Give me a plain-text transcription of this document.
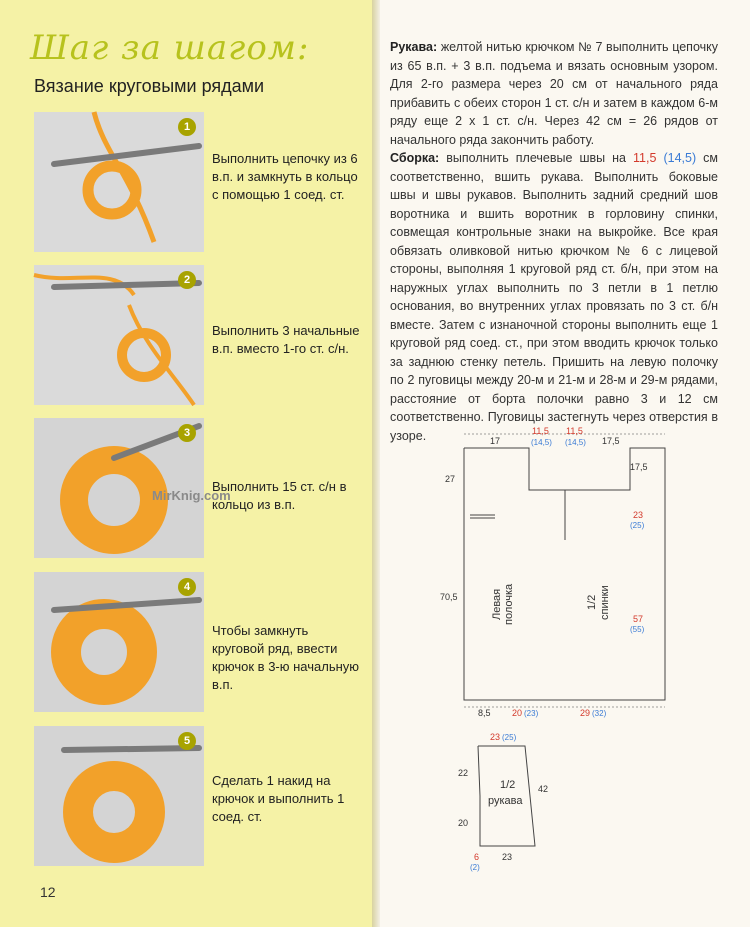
Шаг за шагом:
Вязание круговыми рядами
1
Выполнить цепочку из 6 в.п. и замкнуть в кольцо с помощью 1 соед. ст.
2
Выполнить 3 начальные в.п. вместо 1-го ст. с/н.
MirKnig.com
3
Выполнить 15 ст. с/н в кольцо из в.п.
4
Чтобы замкнуть круговой ряд, ввести крючок в 3-ю начальную в.п.
5
Сделать 1 накид на крючок и выполнить 1 соед. ст.
12

Рукава: желтой нитью крючком № 7 выполнить цепочку из 65 в.п. + 3 в.п. подъема и вязать основным узором. Для 2-го размера через 20 см от начального ряда прибавить с обеих сторон 1 ст. с/н и затем в каждом 6-м ряду еще 2 х 1 ст. с/н. Через 42 см = 26 рядов от начального ряда закончить работу.

Сборка: выполнить плечевые швы на 11,5 (14,5) см соответственно, вшить рукава. Выполнить боковые швы и швы рукавов. Выполнить задний средний шов воротника и вшить воротник в горловину спинки, совмещая контрольные знаки на выкройке. Все края обвязать оливковой нитью крючком № 6 с лицевой стороны, выполняя 1 круговой ряд ст. б/н, при этом на наружных углах выполнить по 3 петли в 1 петлю основания, во внутренних углах провязать по 3 ст. б/н вместе. Затем с изнаночной стороны выполнить еще 1 круговой ряд соед. ст., при этом вводить крючок только за заднюю стенку петель. Пришить на левую полочку по 2 пуговицы между 20-м и 21-м и 28-м и 29-м рядами, расстояние от борта полочки равно 3 и 12 см соответственно. Пуговицы застегнуть через отверстия в узоре.	17
11,5
(14,5)
11,5
(14,5) 17,5
17,5
27
70,5
23
(25)
57
(55)
Левая полочка	1/2 спинки
8,5 20 (23)	29 (32)
23 (25)
22
20
42
1/2
рукава
6
(2)
23
